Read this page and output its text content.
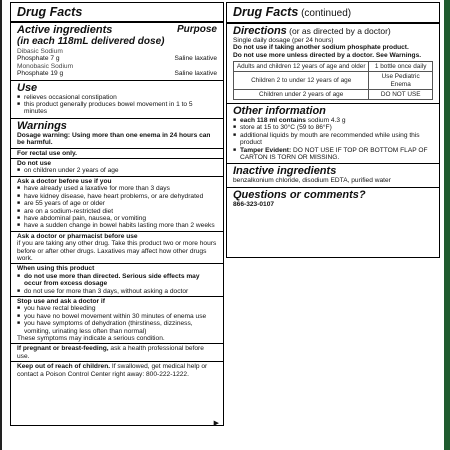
Drug Facts
Active ingredients	Purpose
(in each 118mL delivered dose)
Dibasic Sodium
Phosphate 7 g	Saline laxative
Monobasic Sodium
Phosphate 19 g	Saline laxative
Use
■ relieves occasional constipation
■ this product generally produces bowel movement in 1 to 5 minutes
Warnings
Dosage warning: Using more than one enema in 24 hours can be harmful.
For rectal use only.
Do not use
■ on children under 2 years of age
Ask a doctor before use if you
■ have already used a laxative for more than 3 days
■ have kidney disease, have heart problems, or are dehydrated
■ are 55 years of age or older
■ are on a sodium-restricted diet
■ have abdominal pain, nausea, or vomiting
■ have a sudden change in bowel habits lasting more than 2 weeks
Ask a doctor or pharmacist before use
if you are taking any other drug. Take this product two or more hours before or after other drugs. Laxatives may affect how other drugs work.
When using this product
■ do not use more than directed. Serious side effects may occur from excess dosage
■ do not use for more than 3 days, without asking a doctor
Stop use and ask a doctor if
■ you have rectal bleeding
■ you have no bowel movement within 30 minutes of enema use
■ you have symptoms of dehydration (thirstiness, dizziness, vomiting, urinating less often than normal)
These symptoms may indicate a serious condition.
If pregnant or breast-feeding, ask a health professional before use.
Keep out of reach of children. If swallowed, get medical help or contact a Poison Control Center right away: 800-222-1222.
▶
Drug Facts (continued)
Directions (or as directed by a doctor)
Single daily dosage (per 24 hours)
Do not use if taking another sodium phosphate product.
Do not use more unless directed by a doctor. See Warnings.
Adults and children 12 years of age and older	1 bottle once daily
Children 2 to under 12 years of age	Use Pediatric Enema
Children under 2 years of age	DO NOT USE
Other information
■ each 118 ml contains sodium 4.3 g
■ store at 15 to 30°C (59 to 86°F)
■ additional liquids by mouth are recommended while using this product
■ Tamper Evident: DO NOT USE IF TOP OR BOTTOM FLAP OF CARTON IS TORN OR MISSING.
Inactive ingredients
benzalkonium chloride, disodium EDTA, purified water
Questions or comments?
866-323-0107
